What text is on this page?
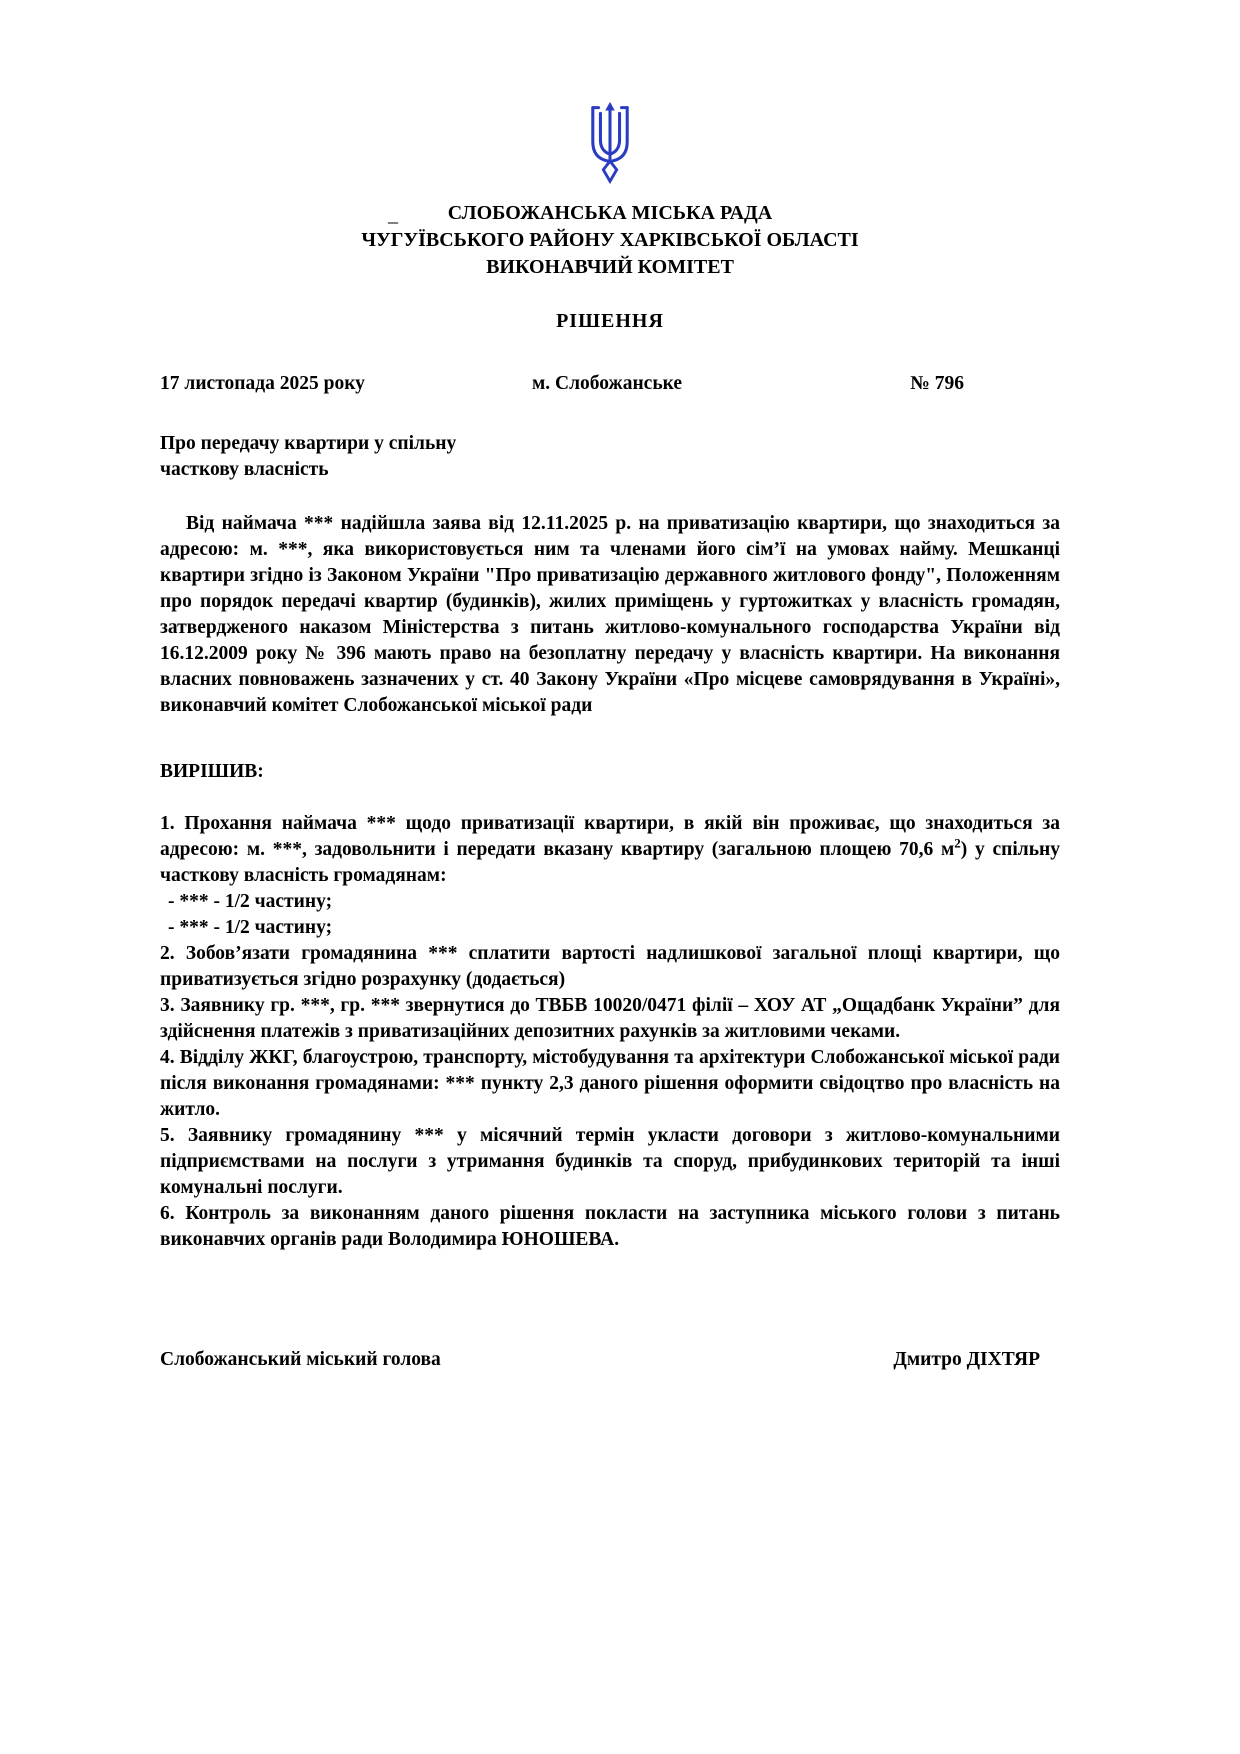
_	СЛОБОЖАНСЬКА МІСЬКА РАДА
ЧУГУЇВСЬКОГО РАЙОНУ ХАРКІВСЬКОЇ ОБЛАСТІ
ВИКОНАВЧИЙ КОМІТЕТ
РІШЕННЯ
17 листопада 2025 року	м. Слобожанське	№ 796
Про передачу квартири у спільну
часткову власність

Від наймача *** надійшла заява від 12.11.2025 р. на приватизацію квартири, що знаходиться за адресою: м. ***, яка використовується ним та членами його сім’ї на умовах найму. Мешканці квартири згідно із Законом України "Про приватизацію державного житлового фонду", Положенням про порядок передачі квартир (будинків), жилих приміщень у гуртожитках у власність громадян, затвердженого наказом Міністерства з питань житлово-комунального господарства України від 16.12.2009 року № 396 мають право на безоплатну передачу у власність квартири. На виконання власних повноважень зазначених у ст. 40 Закону України «Про місцеве самоврядування в Україні», виконавчий комітет Слобожанської міської ради

ВИРІШИВ:

1. Прохання наймача *** щодо приватизації квартири, в якій він проживає, що знаходиться за адресою: м. ***, задовольнити і передати вказану квартиру (загальною площею 70,6 $м^2$) у спільну часткову власність громадянам:

- *** - 1/2 частину;

- *** - 1/2 частину;

2. Зобов’язати громадянина *** сплатити вартості надлишкової загальної площі квартири, що приватизується згідно розрахунку (додається)

3. Заявнику гр. ***, гр. *** звернутися до ТВБВ 10020/0471 філії – ХОУ АТ „Ощадбанк України” для здійснення платежів з приватизаційних депозитних рахунків за житловими чеками.

4. Відділу ЖКГ, благоустрою, транспорту, містобудування та архітектури Слобожанської міської ради після виконання громадянами: *** пункту 2,3 даного рішення оформити свідоцтво про власність на житло.

5. Заявнику громадянину *** у місячний термін укласти договори з житлово-комунальними підприємствами на послуги з утримання будинків та споруд, прибудинкових територій та інші комунальні послуги.

6. Контроль за виконанням даного рішення покласти на заступника міського голови з питань виконавчих органів ради Володимира ЮНОШЕВА.

Слобожанський міський голова	Дмитро ДІХТЯР
